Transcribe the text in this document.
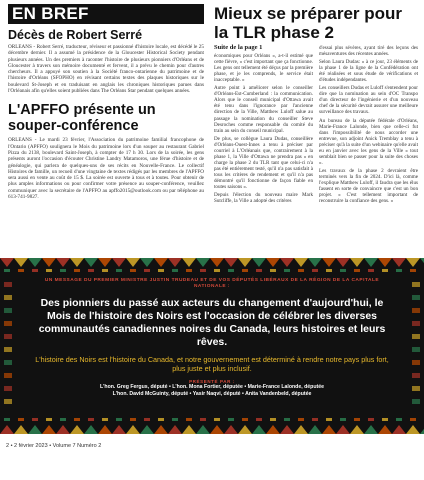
EN BREF
Décès de Robert Serré

ORLEANS - Robert Serré, traducteur, réviseur et passionné d'histoire locale, est décédé le 25 décembre dernier. Il a assumé la présidence de la Gloucester Historical Society pendant plusieurs années. Un des premiers à raconter l'histoire de plusieurs pionniers d'Orléans et de Gloucester à travers son mémoire documenté et fervent, il a prévu le chemin pour d'autres chercheurs. Il a appuyé son soutien à la Société franco-ontarienne du patrimoine et de l'histoire d'Orléans (SFOPHO) en révisant certains textes des plaques historiques sur le boulevard St-Joseph et en traduisant en anglais les chroniques historiques parues dans l'Orléanais afin qu'elles soient publiées dans The Orléans Star pendant quelques années.

L'APFFO présente un souper-conférence

ORLEANS - Le mardi 23 février, l'Association du patrimoine familial francophone de l'Ontario (APFFO) soulignera le Mois du patrimoine lors d'un souper au restaurant Gabriel Pizza du 2138, boulevard Saint-Joseph, à compter de 17 h 30. Lors de la soirée, les gens présents auront l'occasion d'écouter Christine Landry Matamoros, une férue d'histoire et de généalogie, qui parlera de quelques-uns de ses récits en Nouvelle-France. Le collectif Histoires de famille, un recueil d'une vingtaine de textes rédigés par les membres de l'APFFO sera aussi en vente au coût de 15 $. La soirée est ouverte à tous et à toutes. Pour obtenir de plus amples informations ou pour confirmer votre présence au souper-conférence, veuillez communiquer avec la secrétaire de l'APFFO au apffo2015@outlook.com ou par téléphone au 613-741-9827.

Mieux se préparer pour la TLR phase 2

Suite de la page 1

économiques pour Orléans », a-t-il estimé que cette fièvre, « c'est important que ça fonctionne. Les gens ont tellement été déçus par la première phase, et je les comprends, le service était inacceptable. »

Autre point à améliorer selon le conseiller d'Orléans-Est-Cumberland : la communication. Alors que le conseil municipal d'Ottawa avait été tenu dans l'ignorance par l'ancienne direction de la Ville, Matthew Luloff salue au passage la nomination du conseiller Steve Desroches comme responsable du comité du train au sein du conseil municipal.

De plus, se collègue Laura Dudas, conseillère d'Orléans-Ouest-Innes a tenu à préciser par courriel à L'Orléanais que, contrairement à la phase 1, la Ville d'Ottawa ne prendra pas « en charge la phase 2 du TLR tant que celui-ci n'a pas été entièrement testé, qu'il n'a pas satisfait à tous les critères de rendement et qu'il n'a pas démontré qu'il fonctionne de façon fiable en toutes saisons ».

Depuis l'élection du nouveau maire Mark Sutcliffe, la Ville a adopté des critères

d'essai plus sévères, ayant tiré des leçons des mésaventures des récentes années.

Selon Laura Dudas: « à ce jour, 23 éléments de la phase 1 de la ligne de la Confédération ont été réalisées et sous étude de vérifications et d'études indépendantes.

Les conseillers Dudas et Luloff s'entendent pour dire que la nomination au sein d'OC Transpo d'un directeur de l'ingénierie et d'un nouveau chef de la sécurité devrait assurer une meilleure surveillance des travaux.

Au bureau de la députée fédérale d'Orléans, Marie-France Lalonde, bien que celle-ci fut dans l'impossibilité de nous accorder une entrevue, son adjoint Anick Tremblay a tenu à préciser qu'à la suite d'un webinaire qu'elle avait eu en janvier avec les gens de la Ville « tout semblait bien se passer pour la suite des choses ».

Les travaux de la phase 2 devraient être terminés vers la fin de 2024. D'ici là, comme l'explique Matthew Luloff, il faudra que les élus fassent en sorte de convaincre que c'est un bon projet. « C'est tellement important de reconstruire la confiance des gens. »

UN MESSAGE DU PREMIER MINISTRE JUSTIN TRUDEAU ET DE VOS DÉPUTÉS LIBÉRAUX DE LA RÉGION DE LA CAPITALE NATIONALE :
Des pionniers du passé aux acteurs du changement d'aujourd'hui, le Mois de l'histoire des Noirs est l'occasion de célébrer les diverses communautés canadiennes noires du Canada, leurs histoires et leurs rêves.
L'histoire des Noirs est l'histoire du Canada, et notre gouvernement est déterminé à rendre notre pays plus fort, plus juste et plus inclusif.
PRÉSENTÉ PAR :
L'hon. Greg Fergus, député • L'hon. Mona Fortier, députée • Marie-France Lalonde, députée
L'hon. David McGuinty, député • Yasir Naqvi, député • Anita Vandenbeld, députée
2 • 2 février 2023 • Volume 7 Numéro 2
